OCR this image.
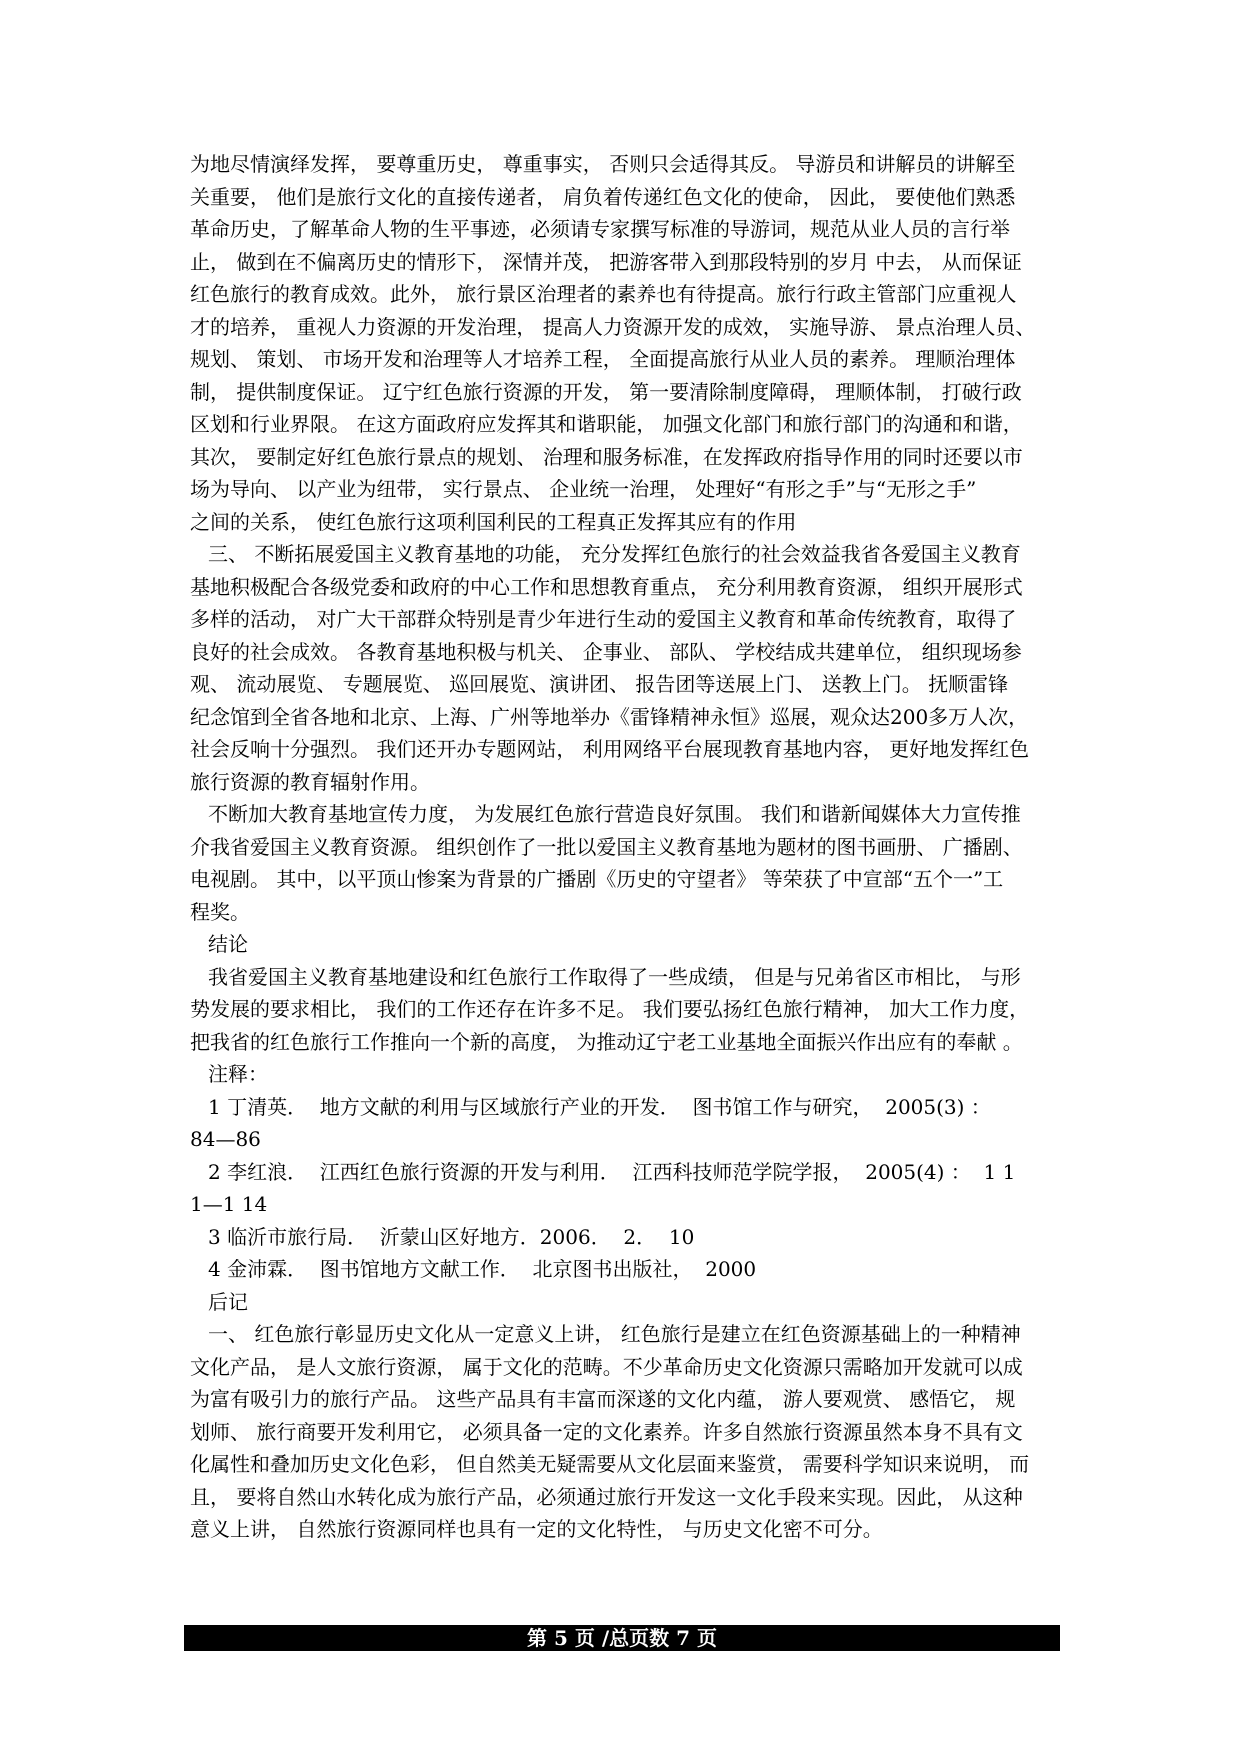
为地尽情演绎发挥， 要尊重历史， 尊重事实， 否则只会适得其反。 导游员和讲解员的讲解至
关重要， 他们是旅行文化的直接传递者， 肩负着传递红色文化的使命， 因此， 要使他们熟悉
革命历史，了解革命人物的生平事迹，必须请专家撰写标准的导游词，规范从业人员的言行举
止， 做到在不偏离历史的情形下， 深情并茂， 把游客带入到那段特别的岁月 中去， 从而保证
红色旅行的教育成效。此外， 旅行景区治理者的素养也有待提高。旅行行政主管部门应重视人
才的培养， 重视人力资源的开发治理， 提高人力资源开发的成效， 实施导游、 景点治理人员、
规划、 策划、 市场开发和治理等人才培养工程， 全面提高旅行从业人员的素养。 理顺治理体
制， 提供制度保证。 辽宁红色旅行资源的开发， 第一要清除制度障碍， 理顺体制， 打破行政
区划和行业界限。 在这方面政府应发挥其和谐职能， 加强文化部门和旅行部门的沟通和和谐，
其次， 要制定好红色旅行景点的规划、 治理和服务标准，在发挥政府指导作用的同时还要以市
场为导向、 以产业为纽带， 实行景点、 企业统一治理， 处理好“有形之手”与“无形之手”
之间的关系， 使红色旅行这项利国利民的工程真正发挥其应有的作用
三、 不断拓展爱国主义教育基地的功能， 充分发挥红色旅行的社会效益我省各爱国主义教育
基地积极配合各级党委和政府的中心工作和思想教育重点， 充分利用教育资源， 组织开展形式
多样的活动， 对广大干部群众特别是青少年进行生动的爱国主义教育和革命传统教育，取得了
良好的社会成效。 各教育基地积极与机关、 企事业、 部队、 学校结成共建单位， 组织现场参
观、 流动展览、 专题展览、 巡回展览、演讲团、 报告团等送展上门、 送教上门。 抚顺雷锋
纪念馆到全省各地和北京、上海、广州等地举办《雷锋精神永恒》巡展，观众达200多万人次，
社会反响十分强烈。 我们还开办专题网站， 利用网络平台展现教育基地内容， 更好地发挥红色
旅行资源的教育辐射作用。
不断加大教育基地宣传力度， 为发展红色旅行营造良好氛围。 我们和谐新闻媒体大力宣传推
介我省爱国主义教育资源。 组织创作了一批以爱国主义教育基地为题材的图书画册、 广播剧、
电视剧。 其中，以平顶山惨案为背景的广播剧《历史的守望者》 等荣获了中宣部“五个一”工
程奖。
结论
我省爱国主义教育基地建设和红色旅行工作取得了一些成绩， 但是与兄弟省区市相比， 与形
势发展的要求相比， 我们的工作还存在许多不足。 我们要弘扬红色旅行精神， 加大工作力度，
把我省的红色旅行工作推向一个新的高度， 为推动辽宁老工业基地全面振兴作出应有的奉献 。
注释：
1 丁清英．  地方文献的利用与区域旅行产业的开发．  图书馆工作与研究，  2005(3) ：
84—86
2 李红浪．  江西红色旅行资源的开发与利用．  江西科技师范学院学报，  2005(4) ：  1 1
1—1 14
3 临沂市旅行局．  沂蒙山区好地方．2006．  2．  10
4 金沛霖．  图书馆地方文献工作．  北京图书出版社，  2000
后记
一、 红色旅行彰显历史文化从一定意义上讲， 红色旅行是建立在红色资源基础上的一种精神
文化产品， 是人文旅行资源， 属于文化的范畴。不少革命历史文化资源只需略加开发就可以成
为富有吸引力的旅行产品。 这些产品具有丰富而深遂的文化内蕴， 游人要观赏、 感悟它， 规
划师、 旅行商要开发利用它， 必须具备一定的文化素养。许多自然旅行资源虽然本身不具有文
化属性和叠加历史文化色彩， 但自然美无疑需要从文化层面来鉴赏， 需要科学知识来说明， 而
且， 要将自然山水转化成为旅行产品，必须通过旅行开发这一文化手段来实现。因此， 从这种
意义上讲， 自然旅行资源同样也具有一定的文化特性， 与历史文化密不可分。
第 5 页 /总页数 7 页
